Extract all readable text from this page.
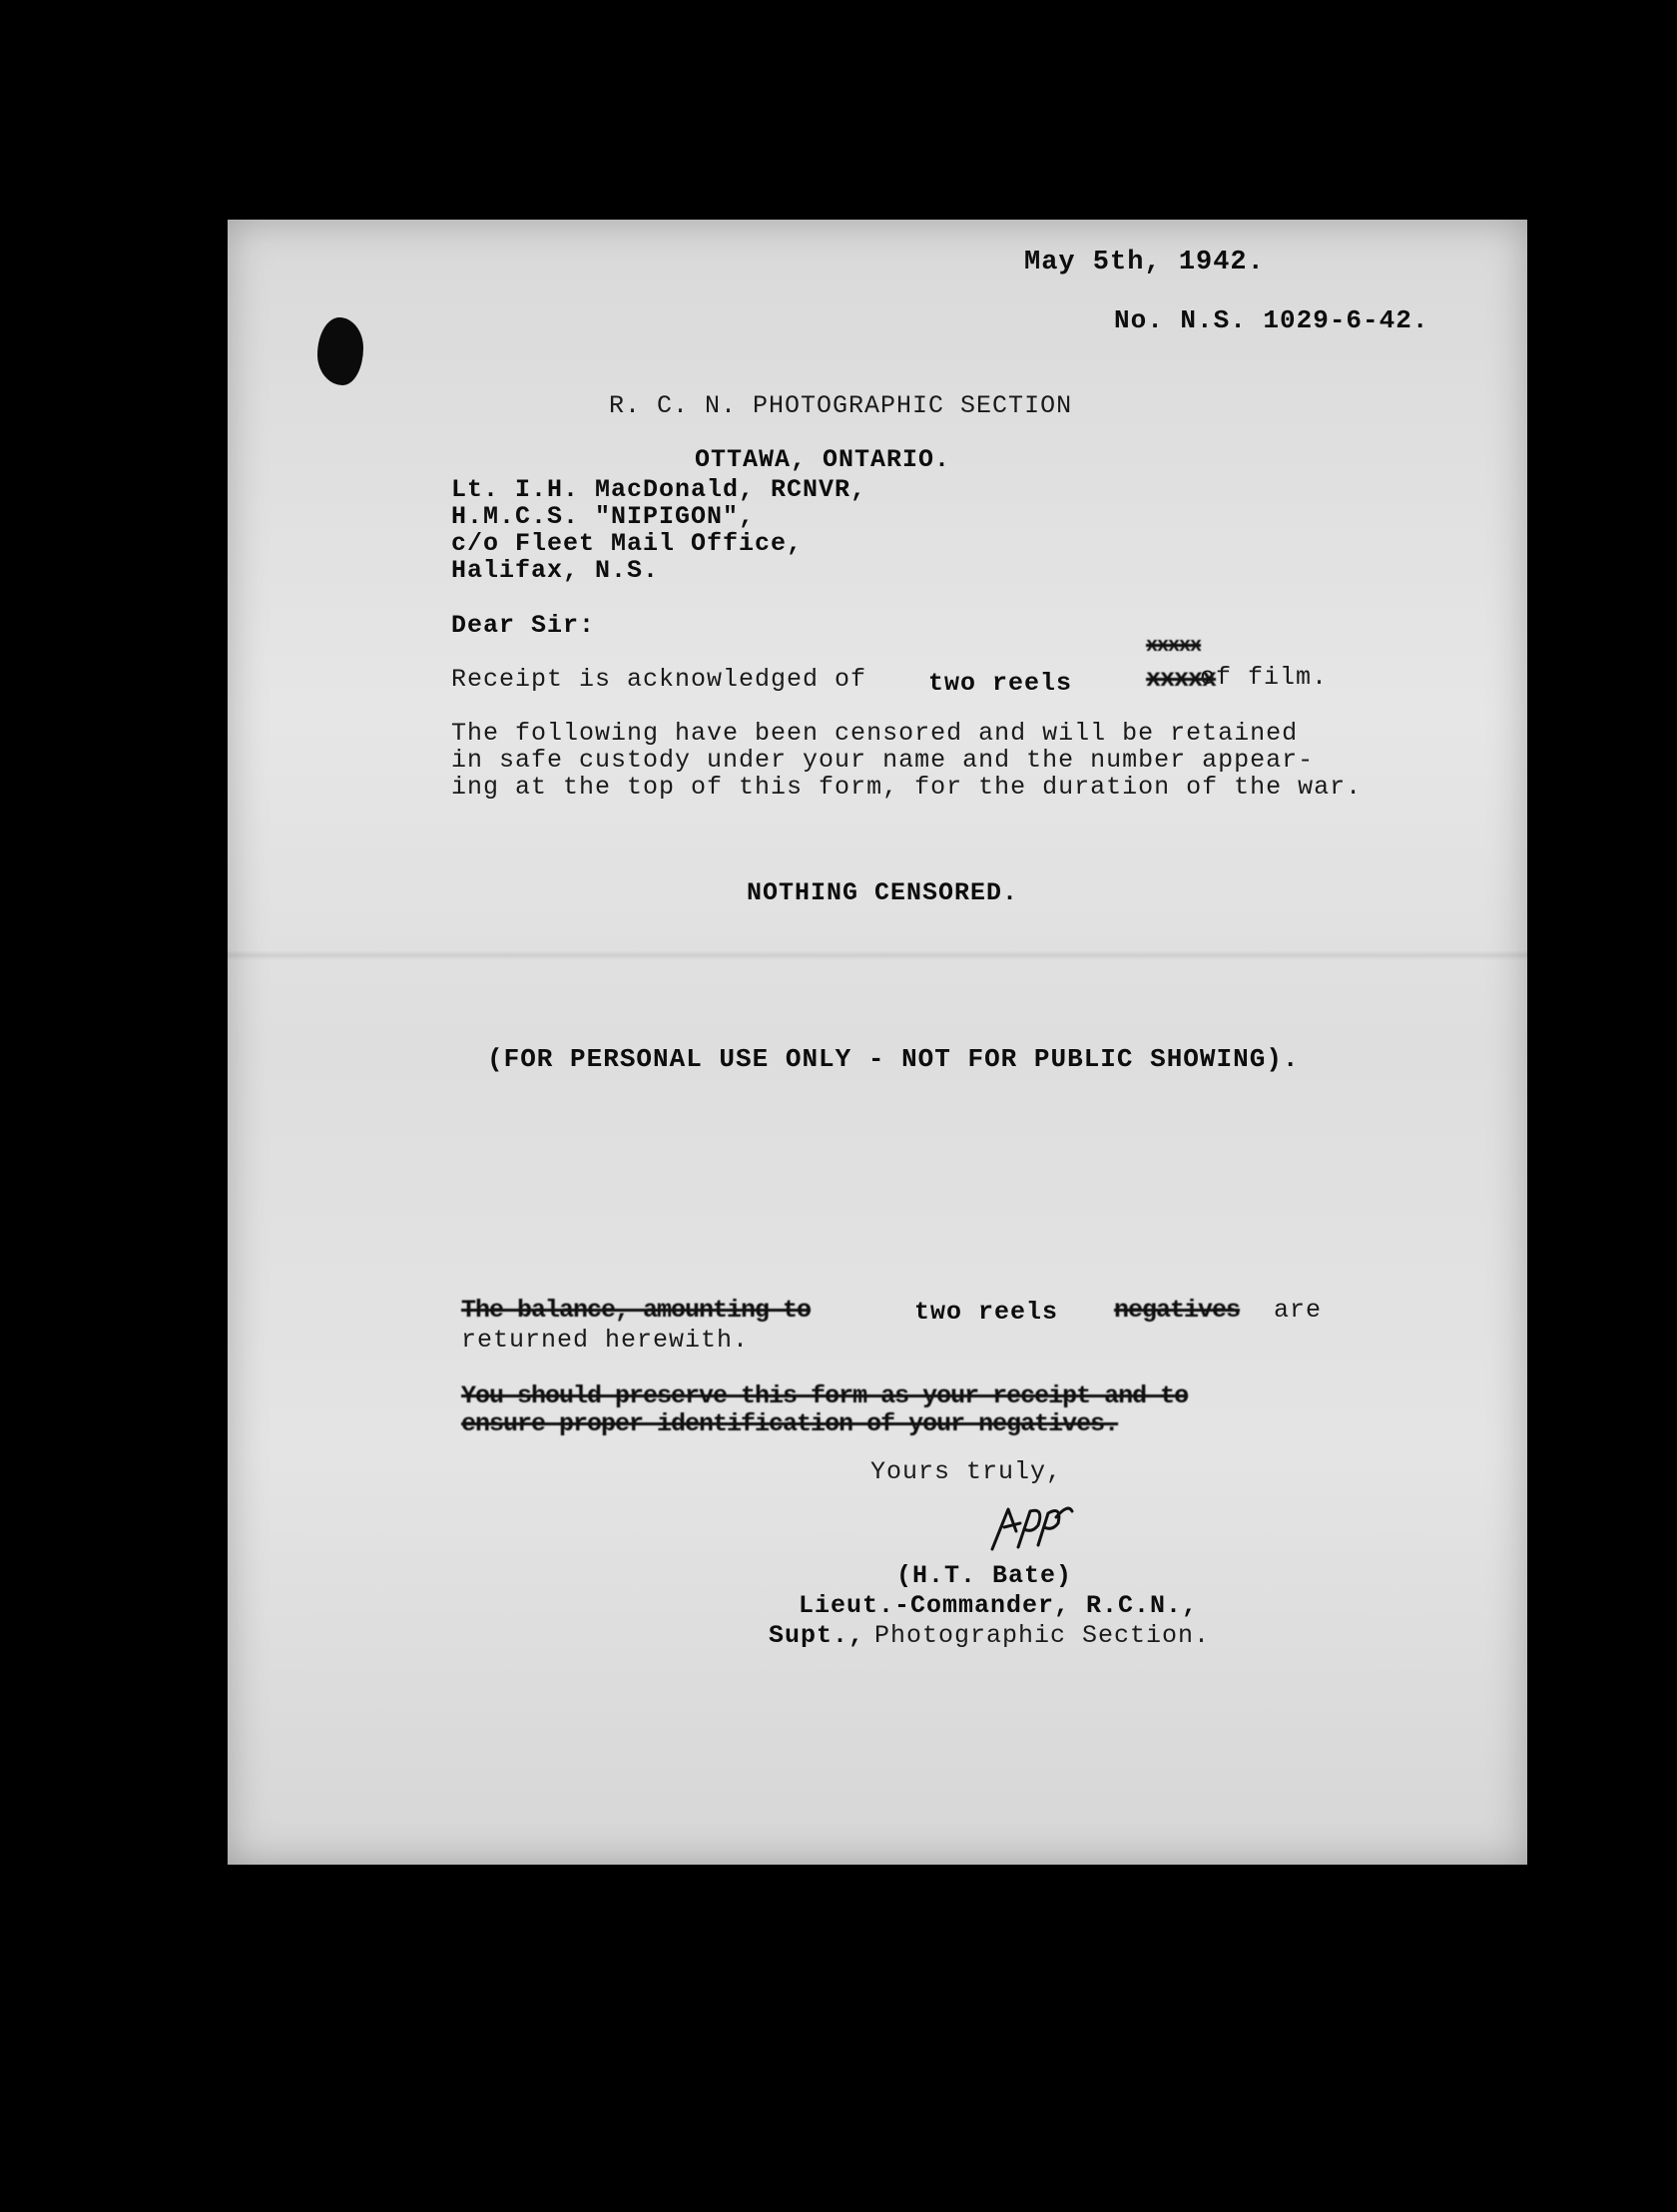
May 5th, 1942.
No. N.S. 1029-6-42.
R. C. N. PHOTOGRAPHIC SECTION
OTTAWA, ONTARIO.
Lt. I.H. MacDonald, RCNVR,
H.M.C.S. "NIPIGON",
c/o Fleet Mail Office,
Halifax, N.S.
Dear Sir:
Receipt is acknowledged of two reels
xxxxx
xxxxx
of film.
The following have been censored and will be retained
in safe custody under your name and the number appear-
ing at the top of this form, for the duration of the war.
NOTHING CENSORED.
(FOR PERSONAL USE ONLY - NOT FOR PUBLIC SHOWING).
The balance, amounting to	two reels negatives are
returned herewith.
You should preserve this form as your receipt and to
ensure proper identification of your negatives.
Yours truly,
(H.T. Bate)
Lieut.-Commander, R.C.N.,
Supt., Photographic Section.
